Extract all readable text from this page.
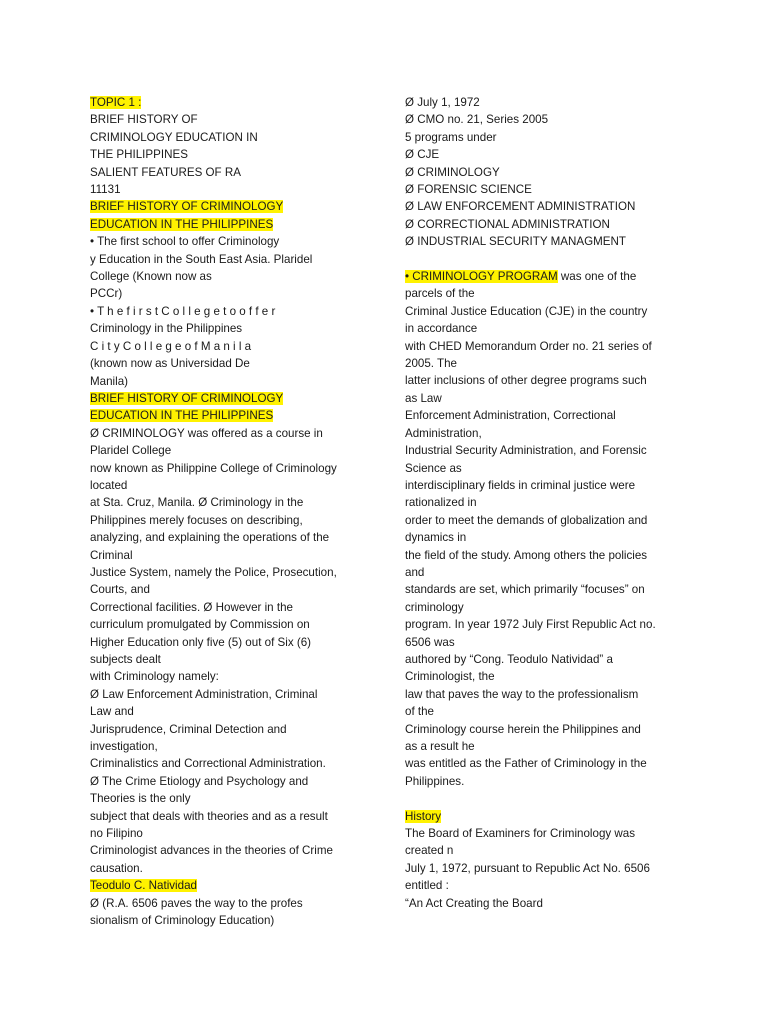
TOPIC 1 :
BRIEF HISTORY OF
CRIMINOLOGY EDUCATION IN
THE PHILIPPINES
SALIENT FEATURES OF RA
11131
BRIEF HISTORY OF CRIMINOLOGY
EDUCATION IN THE PHILIPPINES
• The first school to offer Criminology
y Education in the South East Asia. Plaridel
College (Known now as
PCCr)
• T h e f i r s t C o l l e g e t o o f f e r
Criminology in the Philippines
C i t y C o l l e g e o f M a n i l a
(known now as Universidad De
Manila)
BRIEF HISTORY OF CRIMINOLOGY
EDUCATION IN THE PHILIPPINES
Ø CRIMINOLOGY was offered as a course in
Plaridel College
now known as Philippine College of Criminology
located
at Sta. Cruz, Manila. Ø Criminology in the
Philippines merely focuses on describing,
analyzing, and explaining the operations of the
Criminal
Justice System, namely the Police, Prosecution,
Courts, and
Correctional facilities. Ø However in the
curriculum promulgated by Commission on
Higher Education only five (5) out of Six (6)
subjects dealt
with Criminology namely:
Ø Law Enforcement Administration, Criminal
Law and
Jurisprudence, Criminal Detection and
investigation,
Criminalistics and Correctional Administration.
Ø The Crime Etiology and Psychology and
Theories is the only
subject that deals with theories and as a result
no Filipino
Criminologist advances in the theories of Crime
causation.
Teodulo C. Natividad
Ø (R.A. 6506 paves the way to the profes
sionalism of Criminology Education)
Ø July 1, 1972
Ø CMO no. 21, Series 2005
5 programs under
Ø CJE
Ø CRIMINOLOGY
Ø FORENSIC SCIENCE
Ø LAW ENFORCEMENT ADMINISTRATION
Ø CORRECTIONAL ADMINISTRATION
Ø INDUSTRIAL SECURITY MANAGMENT
• CRIMINOLOGY PROGRAM was one of the
parcels of the
Criminal Justice Education (CJE) in the country
in accordance
with CHED Memorandum Order no. 21 series of
2005. The
latter inclusions of other degree programs such
as Law
Enforcement Administration, Correctional
Administration,
Industrial Security Administration, and Forensic
Science as
interdisciplinary fields in criminal justice were
rationalized in
order to meet the demands of globalization and
dynamics in
the field of the study. Among others the policies
and
standards are set, which primarily “focuses” on
criminology
program. In year 1972 July First Republic Act no.
6506 was
authored by “Cong. Teodulo Natividad” a
Criminologist, the
law that paves the way to the professionalism
of the
Criminology course herein the Philippines and
as a result he
was entitled as the Father of Criminology in the
Philippines.
History
The Board of Examiners for Criminology was
created n
July 1, 1972, pursuant to Republic Act No. 6506
entitled :
“An Act Creating the Board
